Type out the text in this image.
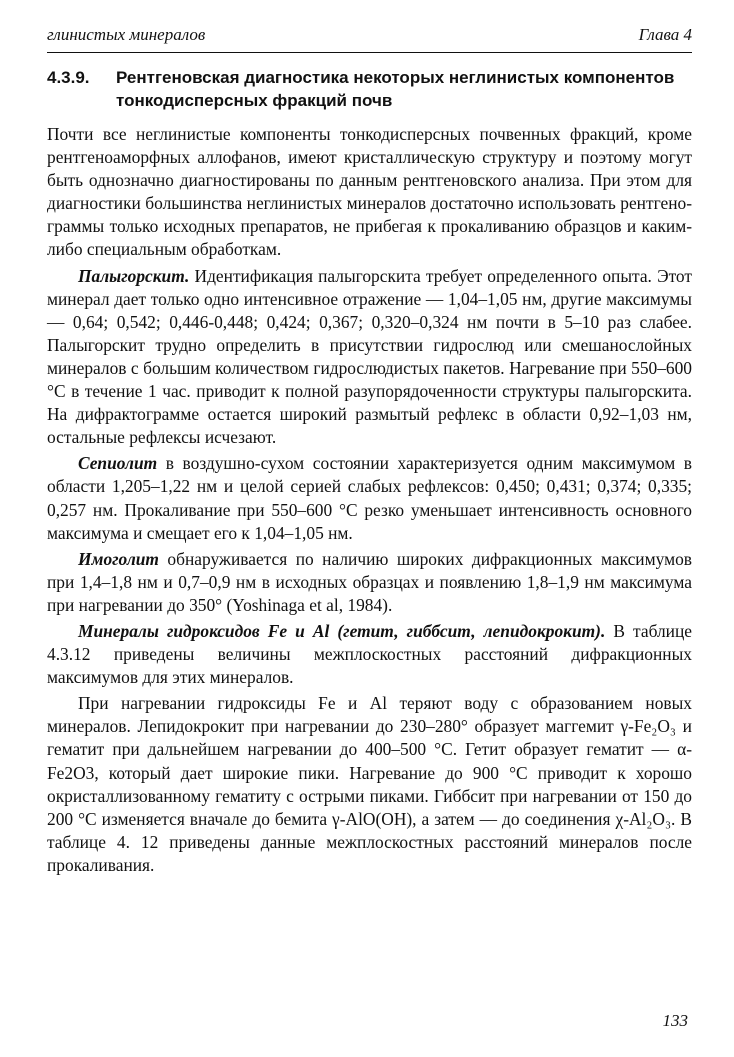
глинистых минералов	Глава 4
4.3.9. Рентгеновская диагностика некоторых неглинистых компонентов тонкодисперсных фракций почв

Почти все неглинистые компоненты тонкодисперсных почвенных фракций, кроме рентгеноаморфных аллофанов, имеют кристаллическую структуру и поэтому могут быть однозначно диагностированы по данным рентгеновского анализа. При этом для диагностики большинства неглинистых минералов достаточно использовать рентгенограммы только исходных препаратов, не прибегая к прокаливанию образцов и каким-либо специальным обработкам.

Палыгорскит. Идентификация палыгорскита требует определенного опыта. Этот минерал дает только одно интенсивное отражение — 1,04–1,05 нм, другие максимумы — 0,64; 0,542; 0,446-0,448; 0,424; 0,367; 0,320–0,324 нм почти в 5–10 раз слабее. Палыгорскит трудно определить в присутствии гидрослюд или смешанослойных минералов с большим количеством гидрослюдистых пакетов. Нагревание при 550–600 °С в течение 1 час. приводит к полной разупорядоченности структуры палыгорскита. На дифрактограмме остается широкий размытый рефлекс в области 0,92–1,03 нм, остальные рефлексы исчезают.

Сепиолит в воздушно-сухом состоянии характеризуется одним максимумом в области 1,205–1,22 нм и целой серией слабых рефлексов: 0,450; 0,431; 0,374; 0,335; 0,257 нм. Прокаливание при 550–600 °С резко уменьшает интенсивность основного максимума и смещает его к 1,04–1,05 нм.

Имоголит обнаруживается по наличию широких дифракционных максимумов при 1,4–1,8 нм и 0,7–0,9 нм в исходных образцах и появлению 1,8–1,9 нм максимума при нагревании до 350° (Yoshinaga et al, 1984).

Минералы гидроксидов Fe и Al (гетит, гиббсит, лепидокрокит). В таблице 4.3.12 приведены величины межплоскостных расстояний дифракционных максимумов для этих минералов.

При нагревании гидроксиды Fe и Al теряют воду с образованием новых минералов. Лепидокрокит при нагревании до 230–280° образует маггемит γ-Fe₂O₃ и гематит при дальнейшем нагревании до 400–500 °С. Гетит образует гематит — α-Fe2O3, который дает широкие пики. Нагревание до 900 °С приводит к хорошо окристаллизованному гематиту с острыми пиками. Гиббсит при нагревании от 150 до 200 °С изменяется вначале до бемита γ-AlO(OH), а затем — до соединения χ-Al₂O₃. В таблице 4. 12 приведены данные межплоскостных расстояний минералов после прокаливания.

133
